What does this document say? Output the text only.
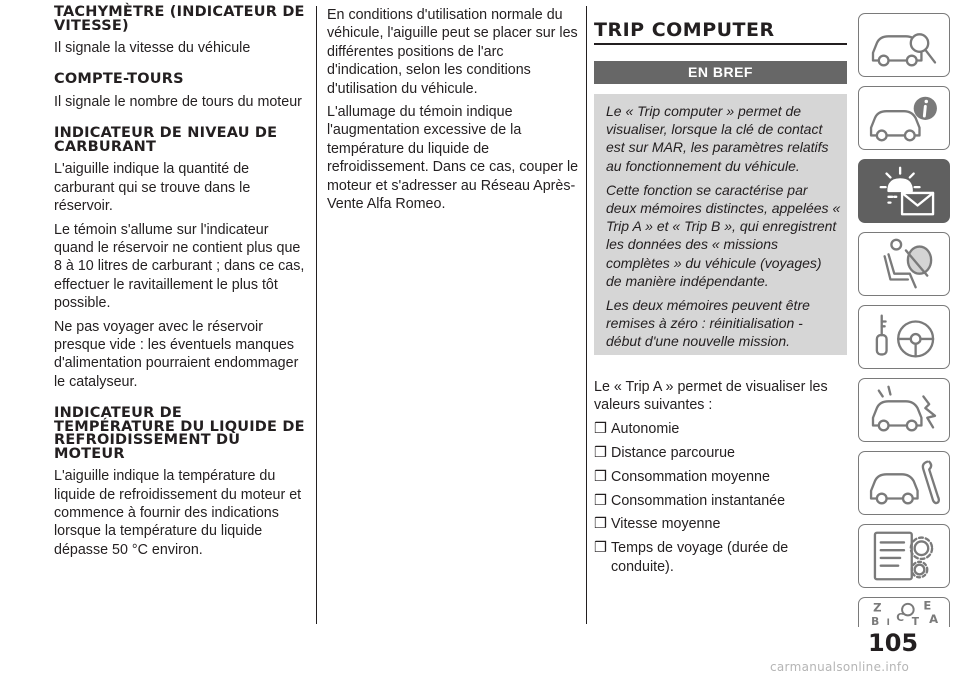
TACHYMÈTRE (INDICATEUR DE VITESSE)
Il signale la vitesse du véhicule
COMPTE-TOURS
Il signale le nombre de tours du moteur
INDICATEUR DE NIVEAU DE CARBURANT
L'aiguille indique la quantité de carburant qui se trouve dans le réservoir.
Le témoin s'allume sur l'indicateur quand le réservoir ne contient plus que 8 à 10 litres de carburant ; dans ce cas, effectuer le ravitaillement le plus tôt possible.
Ne pas voyager avec le réservoir presque vide : les éventuels manques d'alimentation pourraient endommager le catalyseur.
INDICATEUR DE TEMPÉRATURE DU LIQUIDE DE REFROIDISSEMENT DU MOTEUR
L'aiguille indique la température du liquide de refroidissement du moteur et commence à fournir des indications lorsque la température du liquide dépasse 50 °C environ.
En conditions d'utilisation normale du véhicule, l'aiguille peut se placer sur les différentes positions de l'arc d'indication, selon les conditions d'utilisation du véhicule.
L'allumage du témoin indique l'augmentation excessive de la température du liquide de refroidissement. Dans ce cas, couper le moteur et s'adresser au Réseau Après-Vente Alfa Romeo.
TRIP COMPUTER
EN BREF
Le « Trip computer » permet de visualiser, lorsque la clé de contact est sur MAR, les paramètres relatifs au fonctionnement du véhicule.
Cette fonction se caractérise par deux mémoires distinctes, appelées « Trip A » et « Trip B », qui enregistrent les données des « missions complètes » du véhicule (voyages) de manière indépendante.
Les deux mémoires peuvent être remises à zéro : réinitialisation - début d'une nouvelle mission.
Le « Trip A » permet de visualiser les valeurs suivantes :
❒ Autonomie
❒ Distance parcourue
❒ Consommation moyenne
❒ Consommation instantanée
❒ Vitesse moyenne
❒ Temps de voyage (durée de conduite).
Z	E
A
B C T
I
105
carmanualsonline.info
